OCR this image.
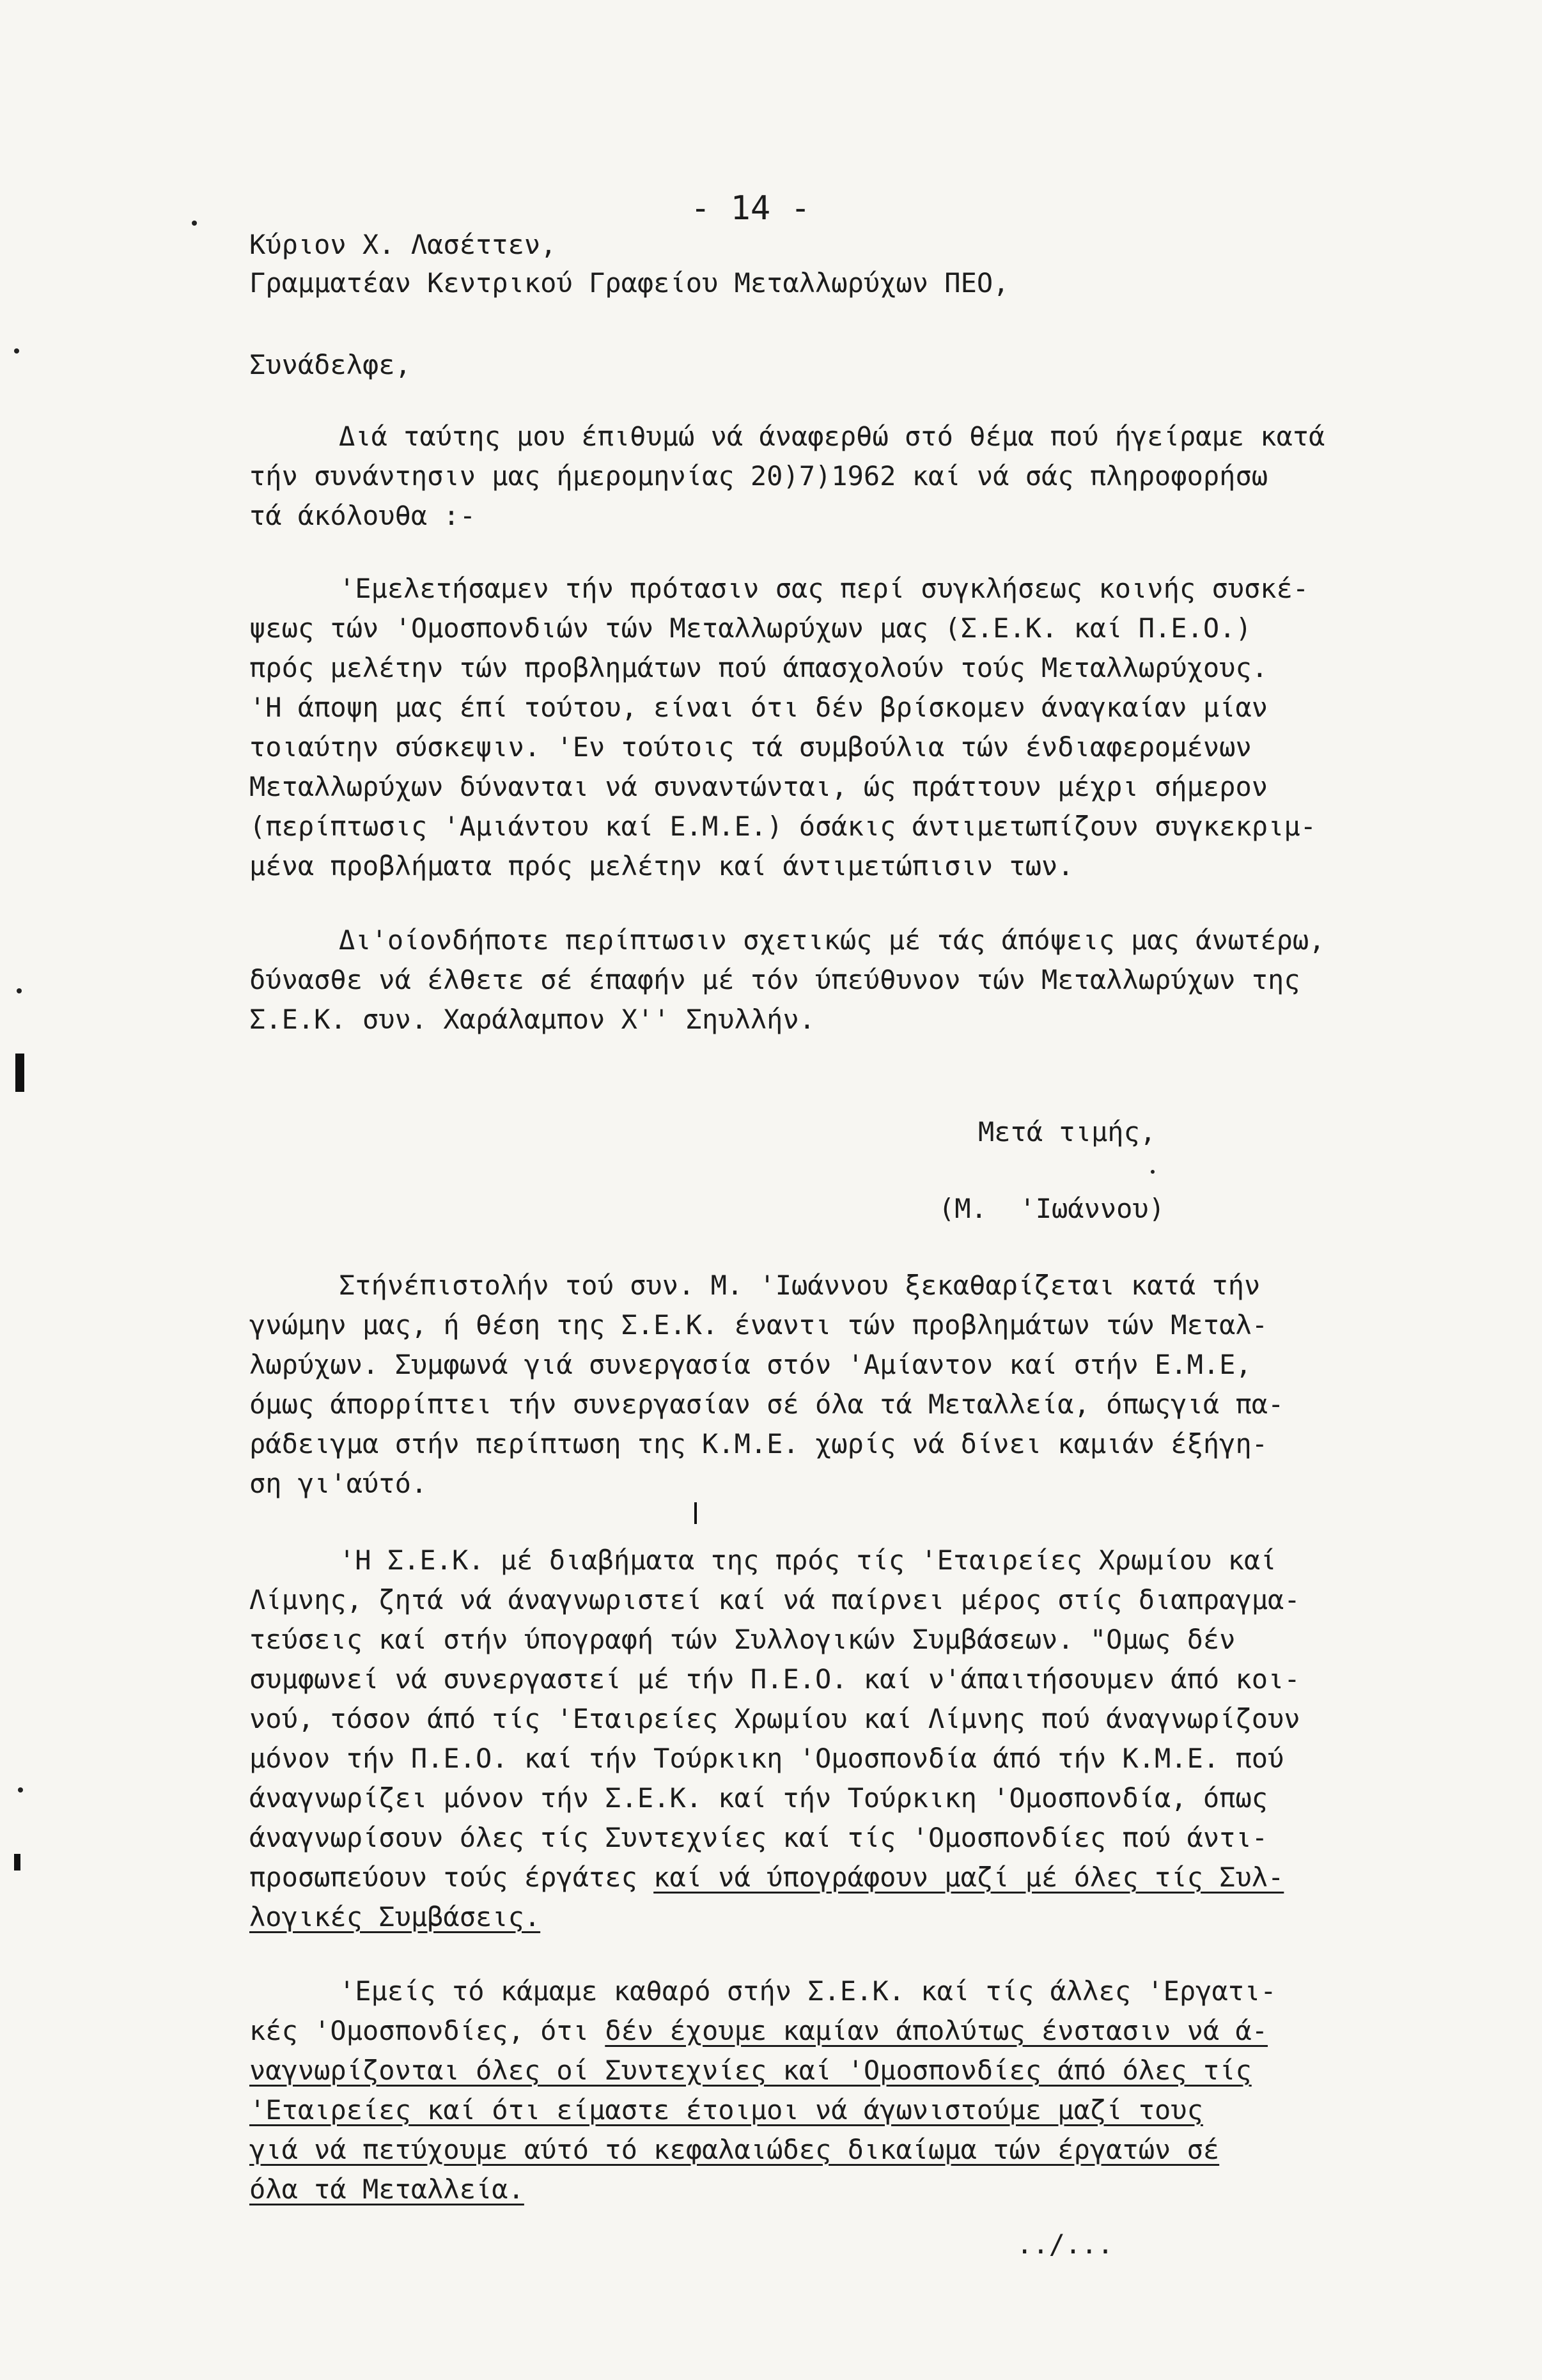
- 14 -
Κύριον Χ. Λασέττεν,
Γραμματέαν Κεντρικού Γραφείου Μεταλλωρύχων ΠΕΟ,
Συνάδελφε,
Διά ταύτης μου έπιθυμώ νά άναφερθώ στό θέμα πού ήγείραμε κατά
τήν συνάντησιν μας ήμερομηνίας 20)7)1962 καί νά σάς πληροφορήσω
τά άκόλουθα :-
'Εμελετήσαμεν τήν πρότασιν σας περί συγκλήσεως κοινής συσκέ-
ψεως τών 'Ομοσπονδιών τών Μεταλλωρύχων μας (Σ.Ε.Κ. καί Π.Ε.Ο.)
πρός μελέτην τών προβλημάτων πού άπασχολούν τούς Μεταλλωρύχους.
'Η άποψη μας έπί τούτου, είναι ότι δέν βρίσκομεν άναγκαίαν μίαν
τοιαύτην σύσκεψιν. 'Εν τούτοις τά συμβούλια τών ένδιαφερομένων
Μεταλλωρύχων δύνανται νά συναντώνται, ώς πράττουν μέχρι σήμερον
(περίπτωσις 'Αμιάντου καί Ε.Μ.Ε.) όσάκις άντιμετωπίζουν συγκεκριμ-
μένα προβλήματα πρός μελέτην καί άντιμετώπισιν των.
Δι'οίονδήποτε περίπτωσιν σχετικώς μέ τάς άπόψεις μας άνωτέρω,
δύνασθε νά έλθετε σέ έπαφήν μέ τόν ύπεύθυνον τών Μεταλλωρύχων της
Σ.Ε.Κ. συν. Χαράλαμπον Χ'' Σηυλλήν.
Μετά τιμής,
(Μ.  'Ιωάννου)
Στήνέπιστολήν τού συν. Μ. 'Ιωάννου ξεκαθαρίζεται κατά τήν
γνώμην μας, ή θέση της Σ.Ε.Κ. έναντι τών προβλημάτων τών Μεταλ-
λωρύχων. Συμφωνά γιά συνεργασία στόν 'Αμίαντον καί στήν Ε.Μ.Ε,
όμως άπορρίπτει τήν συνεργασίαν σέ όλα τά Μεταλλεία, όπωςγιά πα-
ράδειγμα στήν περίπτωση της Κ.Μ.Ε. χωρίς νά δίνει καμιάν έξήγη-
ση γι'αύτό.
'Η Σ.Ε.Κ. μέ διαβήματα της πρός τίς 'Εταιρείες Χρωμίου καί
Λίμνης, ζητά νά άναγνωριστεί καί νά παίρνει μέρος στίς διαπραγμα-
τεύσεις καί στήν ύπογραφή τών Συλλογικών Συμβάσεων. "Ομως δέν
συμφωνεί νά συνεργαστεί μέ τήν Π.Ε.Ο. καί ν'άπαιτήσουμεν άπό κοι-
νού, τόσον άπό τίς 'Εταιρείες Χρωμίου καί Λίμνης πού άναγνωρίζουν
μόνον τήν Π.Ε.Ο. καί τήν Τούρκικη 'Ομοσπονδία άπό τήν Κ.Μ.Ε. πού
άναγνωρίζει μόνον τήν Σ.Ε.Κ. καί τήν Τούρκικη 'Ομοσπονδία, όπως
άναγνωρίσουν όλες τίς Συντεχνίες καί τίς 'Ομοσπονδίες πού άντι-
προσωπεύουν τούς έργάτες καί νά ύπογράφουν μαζί μέ όλες τίς Συλ-
λογικές Συμβάσεις.
'Εμείς τό κάμαμε καθαρό στήν Σ.Ε.Κ. καί τίς άλλες 'Εργατι-
κές 'Ομοσπονδίες, ότι δέν έχουμε καμίαν άπολύτως ένστασιν νά ά-
ναγνωρίζονται όλες οί Συντεχνίες καί 'Ομοσπονδίες άπό όλες τίς
'Εταιρείες καί ότι είμαστε έτοιμοι νά άγωνιστούμε μαζί τους
γιά νά πετύχουμε αύτό τό κεφαλαιώδες δικαίωμα τών έργατών σέ
όλα τά Μεταλλεία.
../...
